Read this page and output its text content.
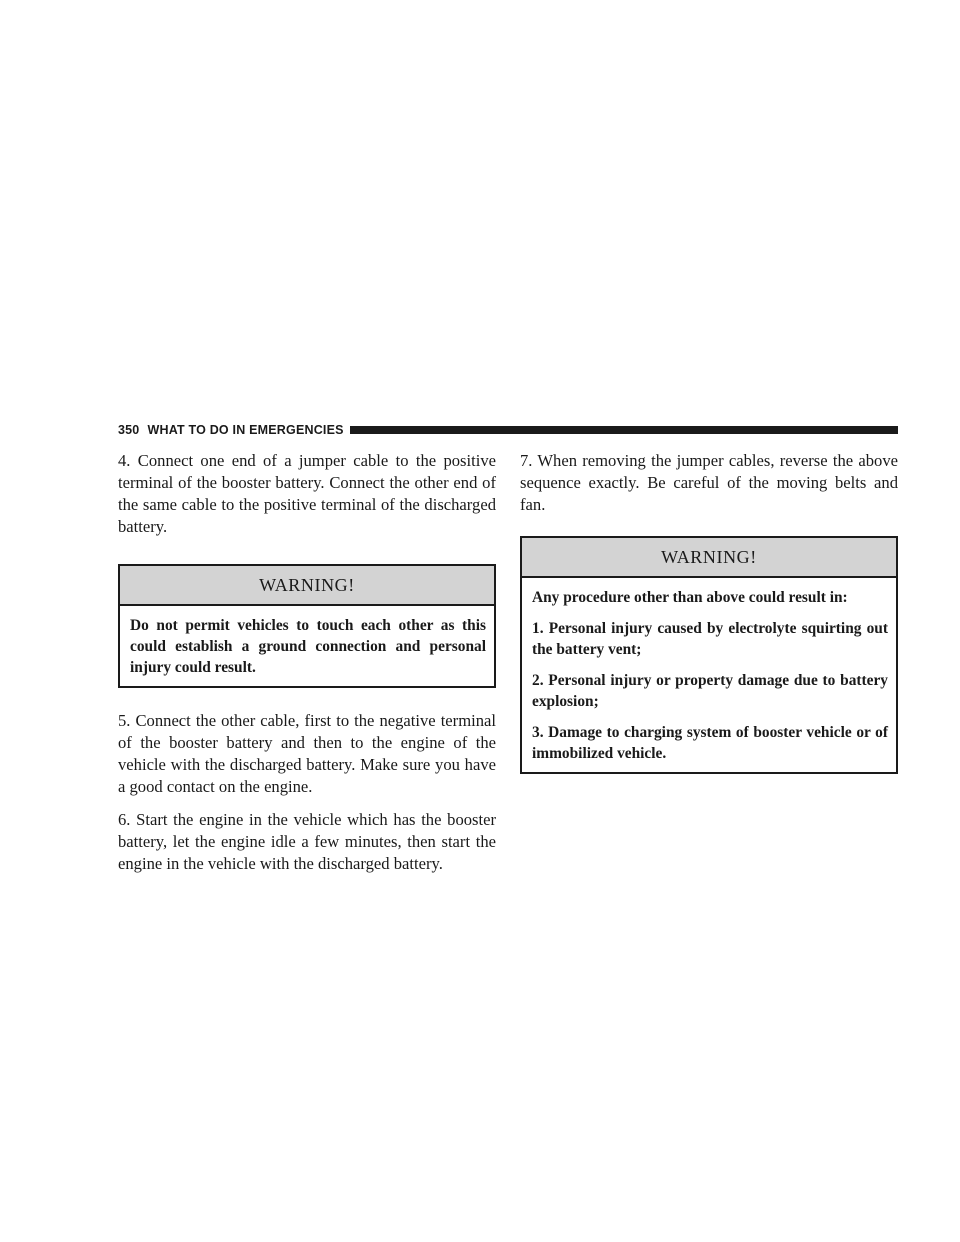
350 WHAT TO DO IN EMERGENCIES

4. Connect one end of a jumper cable to the positive terminal of the booster battery. Connect the other end of the same cable to the positive terminal of the discharged battery.

WARNING!

Do not permit vehicles to touch each other as this could establish a ground connection and personal injury could result.

5. Connect the other cable, first to the negative terminal of the booster battery and then to the engine of the vehicle with the discharged battery. Make sure you have a good contact on the engine.

6. Start the engine in the vehicle which has the booster battery, let the engine idle a few minutes, then start the engine in the vehicle with the discharged battery.

7. When removing the jumper cables, reverse the above sequence exactly. Be careful of the moving belts and fan.

WARNING!

Any procedure other than above could result in:

1. Personal injury caused by electrolyte squirting out the battery vent;

2. Personal injury or property damage due to battery explosion;

3. Damage to charging system of booster vehicle or of immobilized vehicle.
